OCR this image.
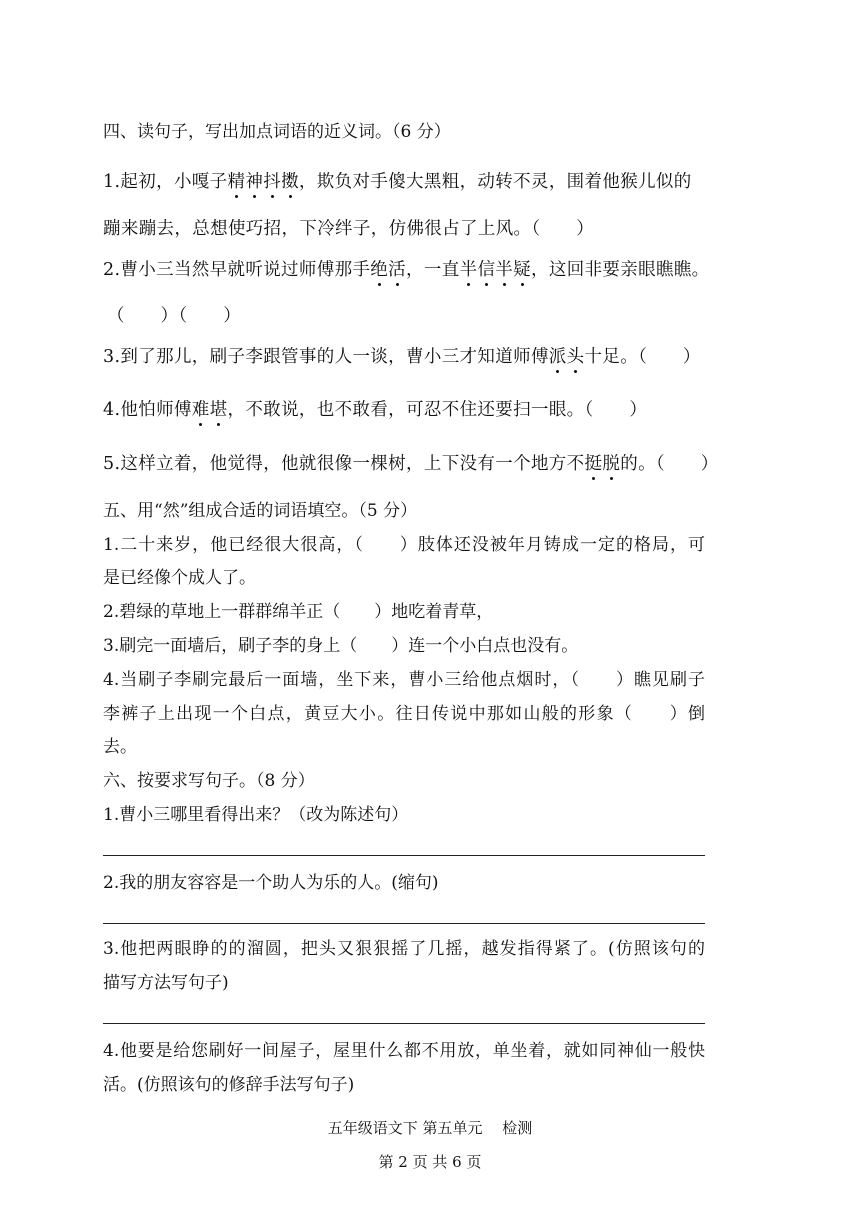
四、读句子，写出加点词语的近义词。（6 分）
1.起初，小嘎子精神抖擞，欺负对手傻大黑粗，动转不灵，围着他猴儿似的
蹦来蹦去，总想使巧招，下冷绊子，仿佛很占了上风。（　　）
2.曹小三当然早就听说过师傅那手绝活，一直半信半疑，这回非要亲眼瞧瞧。
（　　）（　　）
3.到了那儿，刷子李跟管事的人一谈，曹小三才知道师傅派头十足。（　　）
4.他怕师傅难堪，不敢说，也不敢看，可忍不住还要扫一眼。（　　）
5.这样立着，他觉得，他就很像一棵树，上下没有一个地方不挺脱的。（　　）
五、用“然”组成合适的词语填空。（5 分）
1.二十来岁，他已经很大很高，（　　）肢体还没被年月铸成一定的格局，可
是已经像个成人了。
2.碧绿的草地上一群群绵羊正（　　）地吃着青草，
3.刷完一面墙后，刷子李的身上（　　）连一个小白点也没有。
4.当刷子李刷完最后一面墙，坐下来，曹小三给他点烟时，（　　）瞧见刷子
李裤子上出现一个白点，黄豆大小。往日传说中那如山般的形象（　　）倒
去。
六、按要求写句子。（8 分）
1.曹小三哪里看得出来？（改为陈述句）
2.我的朋友容容是一个助人为乐的人。(缩句)
3.他把两眼睁的的溜圆，把头又狠狠摇了几摇，越发指得紧了。(仿照该句的
描写方法写句子)
4.他要是给您刷好一间屋子，屋里什么都不用放，单坐着，就如同神仙一般快
活。(仿照该句的修辞手法写句子)
五年级语文下 第五单元　 检测
第 2 页 共 6 页
